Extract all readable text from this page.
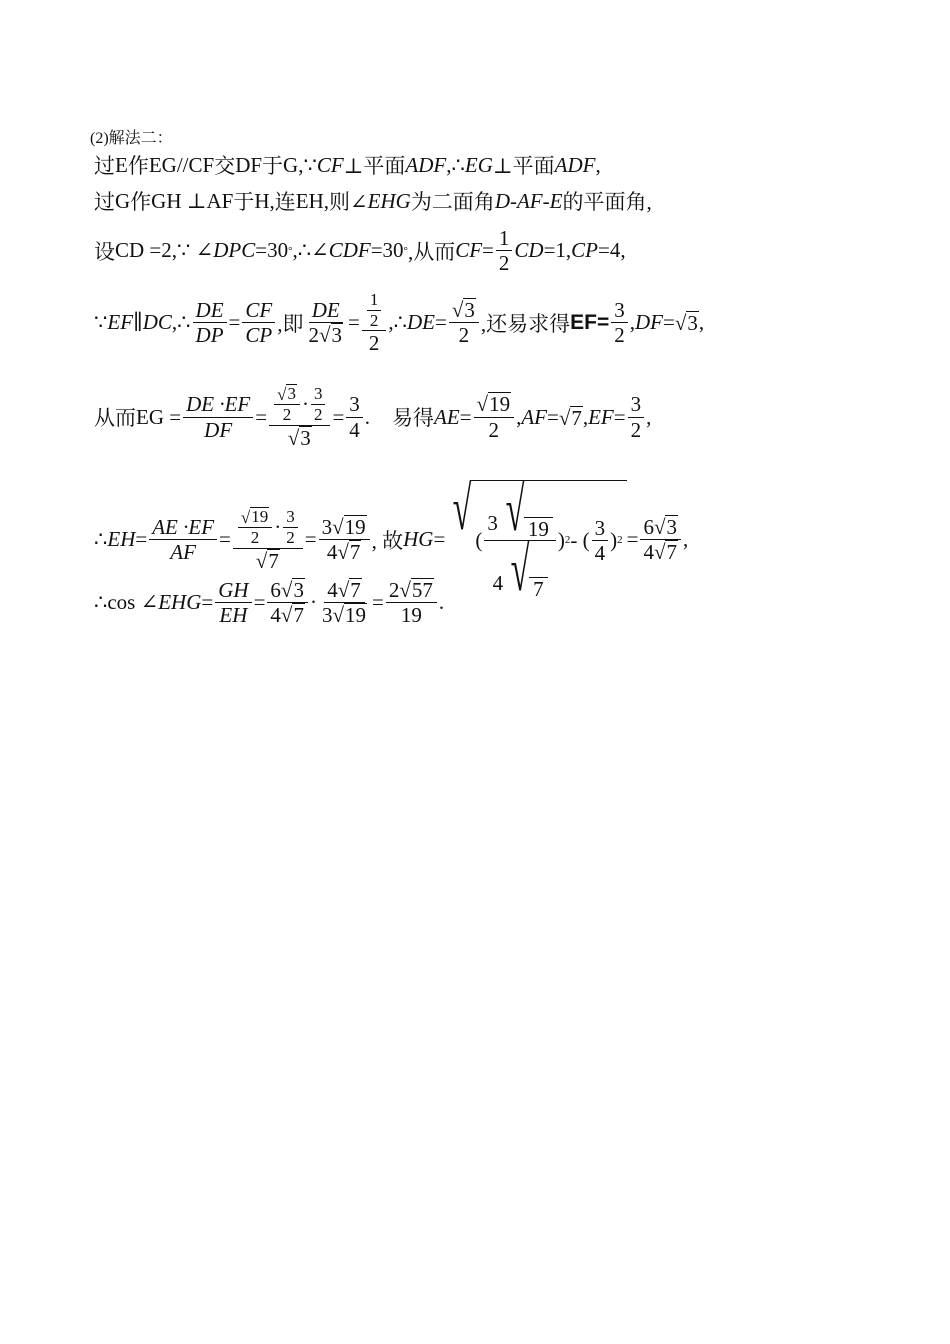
(2)解法二：
过 E 作 EG//CF 交 DF 于 G,∵ CF ⊥平面 ADF ,∴ EG ⊥平面 ADF ,
过 G 作 GH ⊥AF 于 H, 连 EH, 则∠ EHG 为二面角 D - AF - E 的平面角,
设 CD =2,∵ ∠ DPC =30 ° ,∴∠ CDF =30 ° ,从而 CF = $\frac{1}{2}$ CD =1, CP =4,
∵ EF ∥ DC ,∴ $\frac{DE}{DP} = \frac{CF}{CP}$ ,即 $\frac{DE}{2 √ 3} = \frac{\frac{1}{2}}{2}$ ,∴ DE = $\frac{√ 3}{2}$ ,还易求得 $EF= \frac{3}{2}$ , DF = √ 3 ,
从而 EG = $\frac{DE \cdot EF}{DF} = \frac{√ 3}{2} \cdot \frac{3}{2}$
√ 3
= $\frac{3}{4}$ . 易得 AE = $\frac{√ 19}{2}$ , AF = √ 7 , EF = $\frac{3}{2}$ ,
∴ EH = $\frac{AE \cdot EF}{AF} = \frac{√ 19}{2} \cdot \frac{3}{2}$
√ 7
= $\frac{3 √ 19}{4 √ 7}$ , 故 HG = √ ( $\frac{3 √ 19}{4 √ 7}$ ) 2 - ( $\frac{3}{4}$ ) $2 = \frac{6 √ 3}{4 √ 7}$ ,
∴cos ∠ EHG = $\frac{GH}{EH} = \frac{6 √ 3}{4 √ 7} \cdot \frac{4 √ 7}{3 √ 19} = \frac{2 √ 57}{19}$ .
